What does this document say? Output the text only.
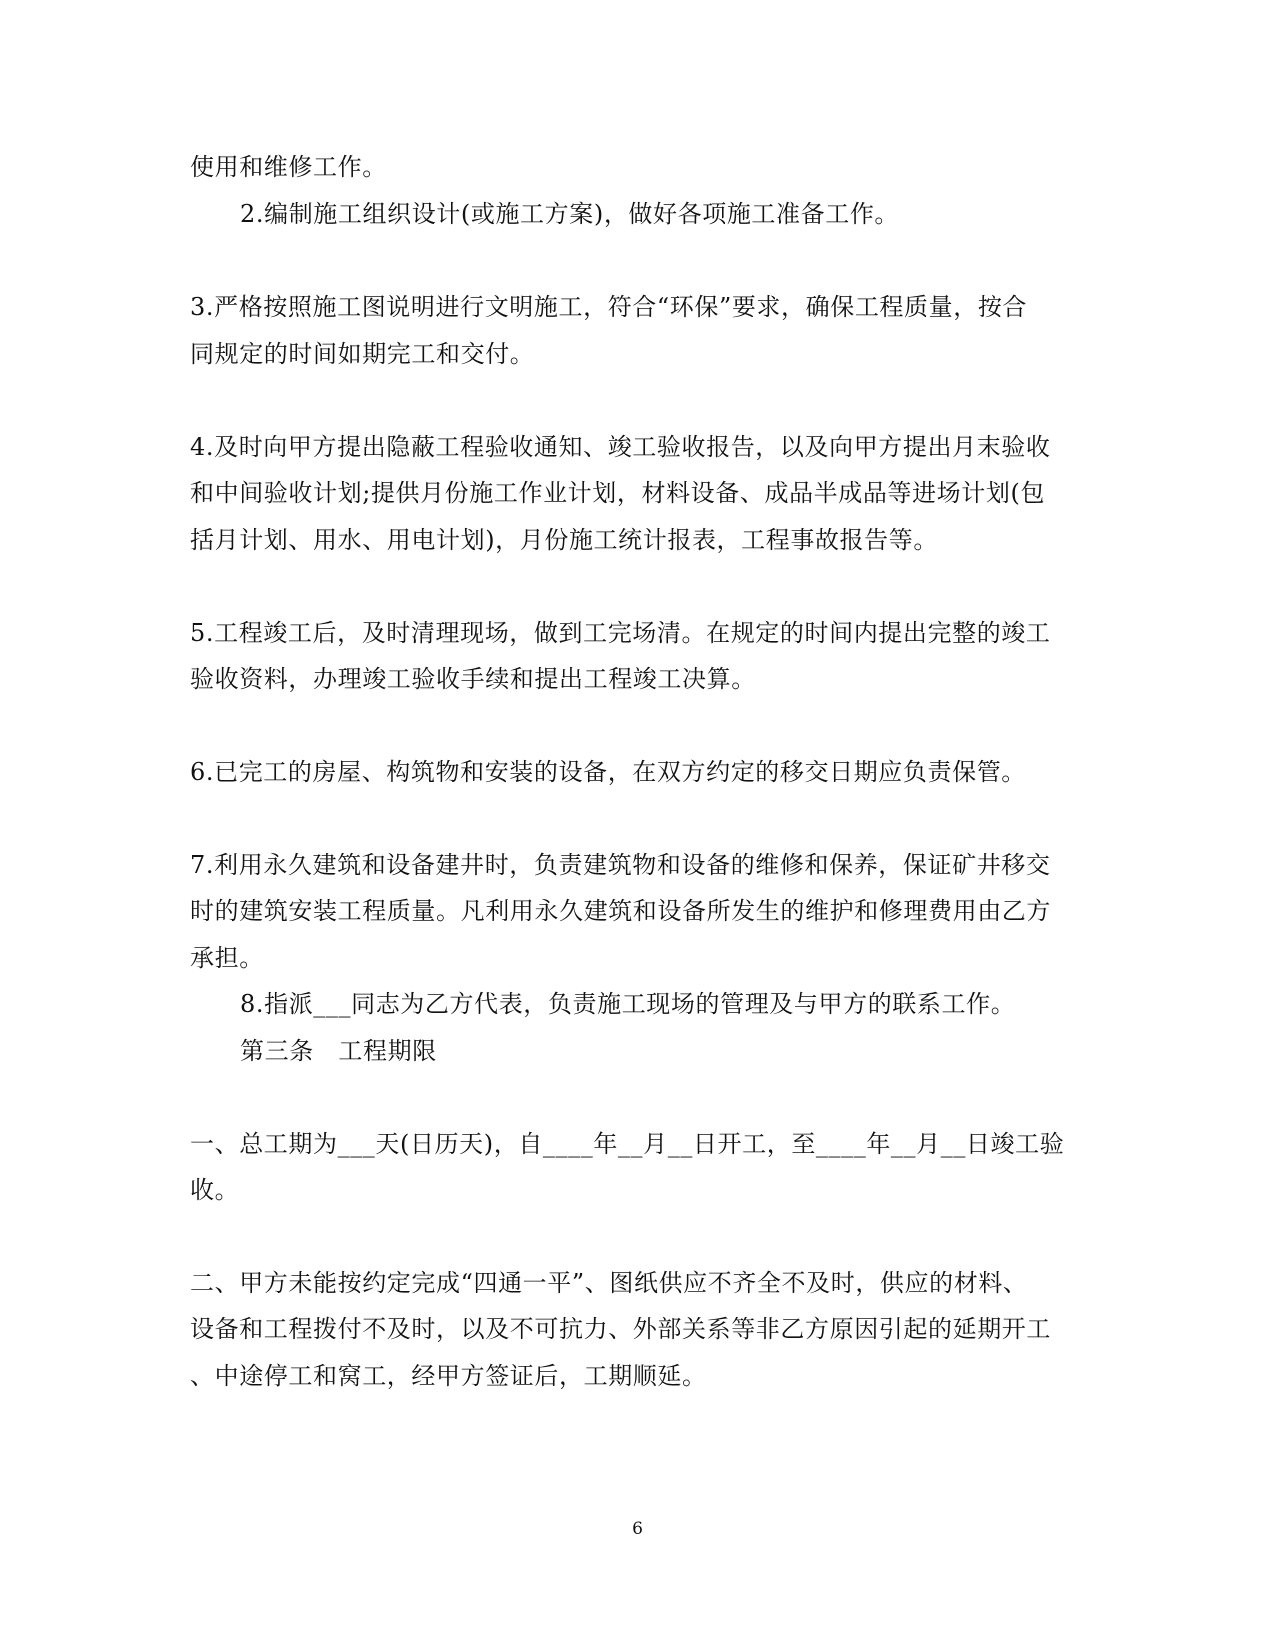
使用和维修工作。
2.编制施工组织设计(或施工方案)，做好各项施工准备工作。
3.严格按照施工图说明进行文明施工，符合“环保”要求，确保工程质量，按合
同规定的时间如期完工和交付。
4.及时向甲方提出隐蔽工程验收通知、竣工验收报告，以及向甲方提出月末验收
和中间验收计划;提供月份施工作业计划，材料设备、成品半成品等进场计划(包
括月计划、用水、用电计划)，月份施工统计报表，工程事故报告等。
5.工程竣工后，及时清理现场，做到工完场清。在规定的时间内提出完整的竣工
验收资料，办理竣工验收手续和提出工程竣工决算。
6.已完工的房屋、构筑物和安装的设备，在双方约定的移交日期应负责保管。
7.利用永久建筑和设备建井时，负责建筑物和设备的维修和保养，保证矿井移交
时的建筑安装工程质量。凡利用永久建筑和设备所发生的维护和修理费用由乙方
承担。
8.指派___同志为乙方代表，负责施工现场的管理及与甲方的联系工作。
第三条　工程期限
一、总工期为___天(日历天)，自____年__月__日开工，至____年__月__日竣工验
收。
二、甲方未能按约定完成“四通一平”、图纸供应不齐全不及时，供应的材料、
设备和工程拨付不及时，以及不可抗力、外部关系等非乙方原因引起的延期开工
、中途停工和窝工，经甲方签证后，工期顺延。
6
